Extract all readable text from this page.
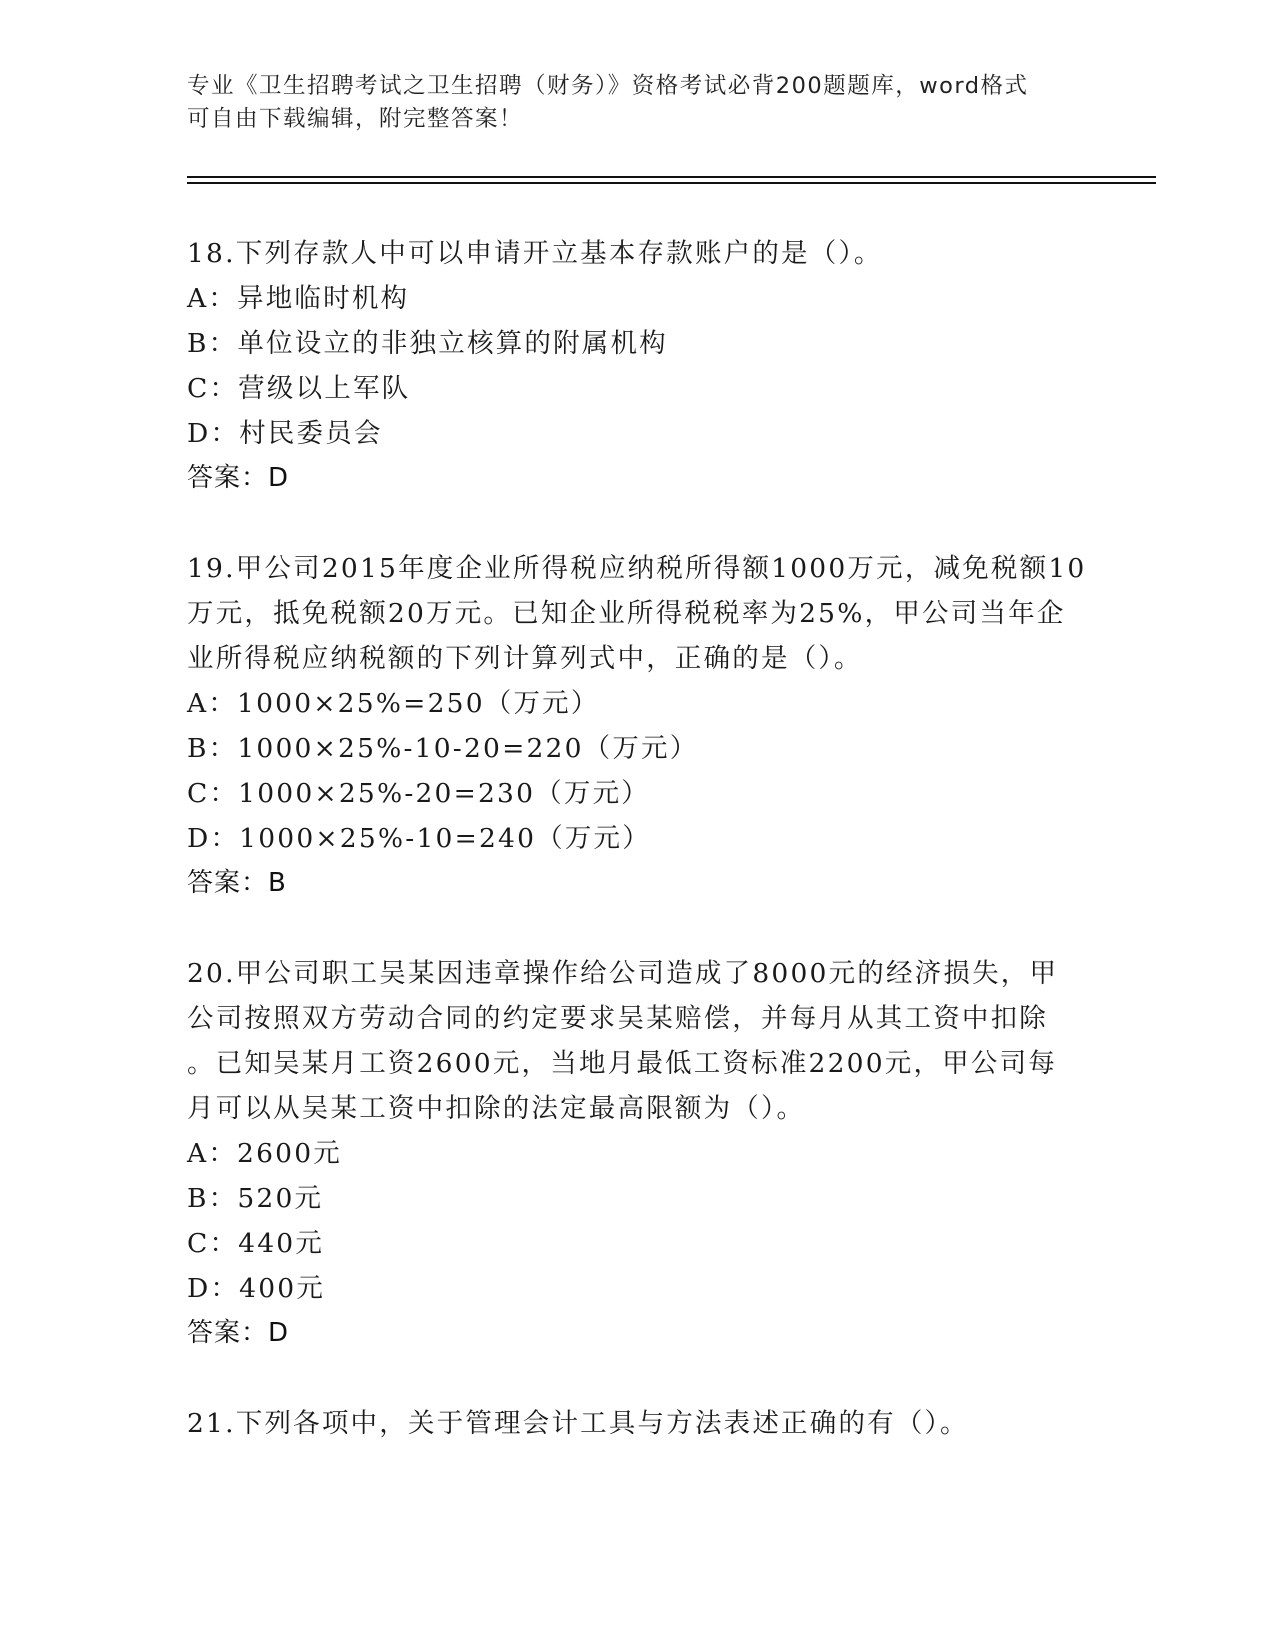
专业《卫生招聘考试之卫生招聘（财务）》资格考试必背200题题库，word格式
可自由下载编辑，附完整答案！
18.下列存款人中可以申请开立基本存款账户的是（）。
A：异地临时机构
B：单位设立的非独立核算的附属机构
C：营级以上军队
D：村民委员会
答案：D
19.甲公司2015年度企业所得税应纳税所得额1000万元，减免税额10
万元，抵免税额20万元。已知企业所得税税率为25%，甲公司当年企
业所得税应纳税额的下列计算列式中，正确的是（）。
A：1000×25%=250（万元）
B：1000×25%-10-20=220（万元）
C：1000×25%-20=230（万元）
D：1000×25%-10=240（万元）
答案：B
20.甲公司职工吴某因违章操作给公司造成了8000元的经济损失，甲
公司按照双方劳动合同的约定要求吴某赔偿，并每月从其工资中扣除
。已知吴某月工资2600元，当地月最低工资标准2200元，甲公司每
月可以从吴某工资中扣除的法定最高限额为（）。
A：2600元
B：520元
C：440元
D：400元
答案：D
21.下列各项中，关于管理会计工具与方法表述正确的有（）。
